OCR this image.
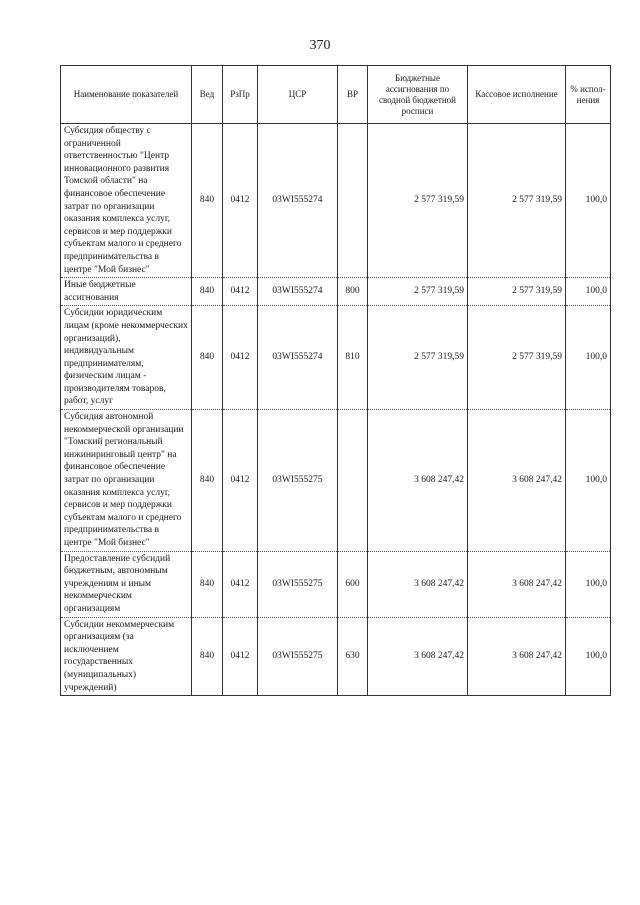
370
Наименование показателей	Вед	РзПр	ЦСР	ВР	Бюджетные ассигнования по сводной бюджетной росписи	Кассовое исполнение	% испол-нения
Субсидия обществу с ограниченной ответственностью "Центр инновационного развития Томской области" на финансовое обеспечение затрат по организации оказания комплекса услуг, сервисов и мер поддержки субъектам малого и среднего предпринимательства в центре "Мой бизнес"	840	0412	03WI555274		2 577 319,59	2 577 319,59	100,0
Иные бюджетные ассигнования	840	0412	03WI555274	800	2 577 319,59	2 577 319,59	100,0
Субсидии юридическим лицам (кроме некоммерческих организаций), индивидуальным предпринимателям, физическим лицам - производителям товаров, работ, услуг	840	0412	03WI555274	810	2 577 319,59	2 577 319,59	100,0
Субсидия автономной некоммерческой организации "Томский региональный инжиниринговый центр" на финансовое обеспечение затрат по организации оказания комплекса услуг, сервисов и мер поддержки субъектам малого и среднего предпринимательства в центре "Мой бизнес"	840	0412	03WI555275		3 608 247,42	3 608 247,42	100,0
Предоставление субсидий бюджетным, автономным учреждениям и иным некоммерческим организациям	840	0412	03WI555275	600	3 608 247,42	3 608 247,42	100,0
Субсидии некоммерческим организациям (за исключением государственных (муниципальных) учреждений)	840	0412	03WI555275	630	3 608 247,42	3 608 247,42	100,0
